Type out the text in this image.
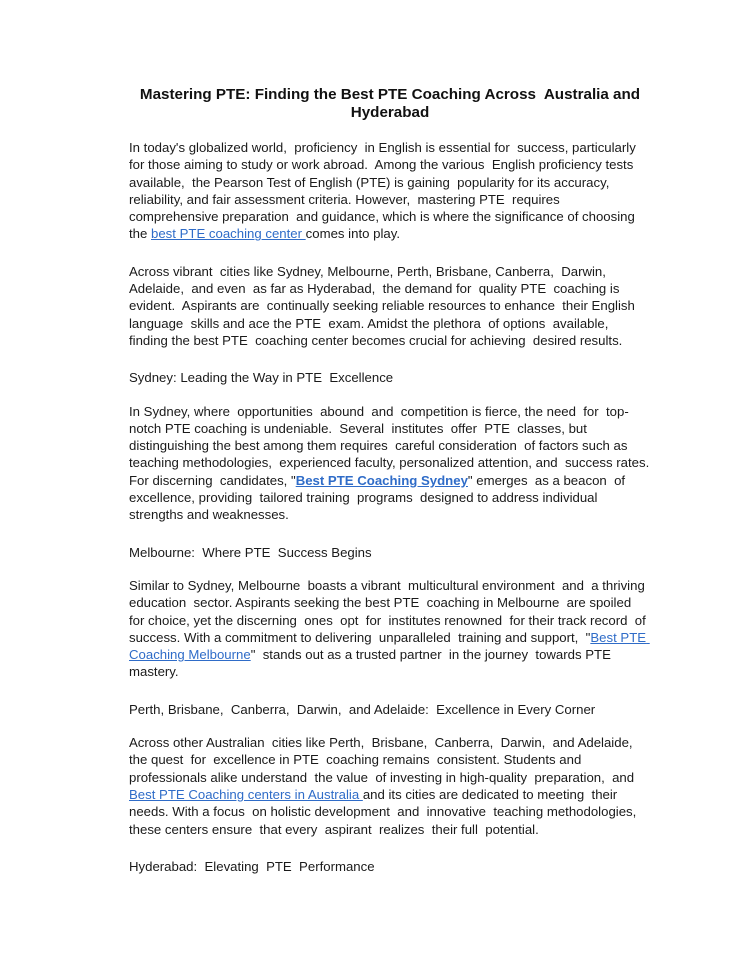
Mastering PTE: Finding the Best PTE Coaching Across  Australia and Hyderabad
In today's globalized world,  proficiency  in English is essential for  success, particularly for those aiming to study or work abroad.  Among the various  English proficiency tests available,  the Pearson Test of English (PTE) is gaining  popularity for its accuracy, reliability, and fair assessment criteria. However,  mastering PTE  requires  comprehensive preparation  and guidance, which is where the significance of choosing the best PTE coaching center comes into play.
Across vibrant  cities like Sydney, Melbourne, Perth, Brisbane, Canberra,  Darwin, Adelaide,  and even  as far as Hyderabad,  the demand for  quality PTE  coaching is evident.  Aspirants are  continually seeking reliable resources to enhance  their English language  skills and ace the PTE  exam. Amidst the plethora  of options  available,  finding the best PTE  coaching center becomes crucial for achieving  desired results.
Sydney: Leading the Way in PTE  Excellence
In Sydney, where  opportunities  abound  and  competition is fierce, the need  for  top-notch PTE coaching is undeniable.  Several  institutes  offer  PTE  classes, but distinguishing the best among them requires  careful consideration  of factors such as teaching methodologies,  experienced faculty, personalized attention, and  success rates. For discerning  candidates, "Best PTE Coaching Sydney" emerges  as a beacon  of excellence, providing  tailored training  programs  designed to address individual  strengths and weaknesses.
Melbourne:  Where PTE  Success Begins
Similar to Sydney, Melbourne  boasts a vibrant  multicultural environment  and  a thriving education  sector. Aspirants seeking the best PTE  coaching in Melbourne  are spoiled  for choice, yet the discerning  ones  opt  for  institutes renowned  for their track record  of success. With a commitment to delivering  unparalleled  training and support,  "Best PTE Coaching Melbourne"  stands out as a trusted partner  in the journey  towards PTE mastery.
Perth, Brisbane,  Canberra,  Darwin,  and Adelaide:  Excellence in Every Corner
Across other Australian  cities like Perth,  Brisbane,  Canberra,  Darwin,  and Adelaide,  the quest  for  excellence in PTE  coaching remains  consistent. Students and professionals alike understand  the value  of investing in high-quality  preparation,  and Best PTE Coaching centers in Australia and its cities are dedicated to meeting  their  needs. With a focus  on holistic development  and  innovative  teaching methodologies,  these centers ensure  that every  aspirant  realizes  their full  potential.
Hyderabad:  Elevating  PTE  Performance
